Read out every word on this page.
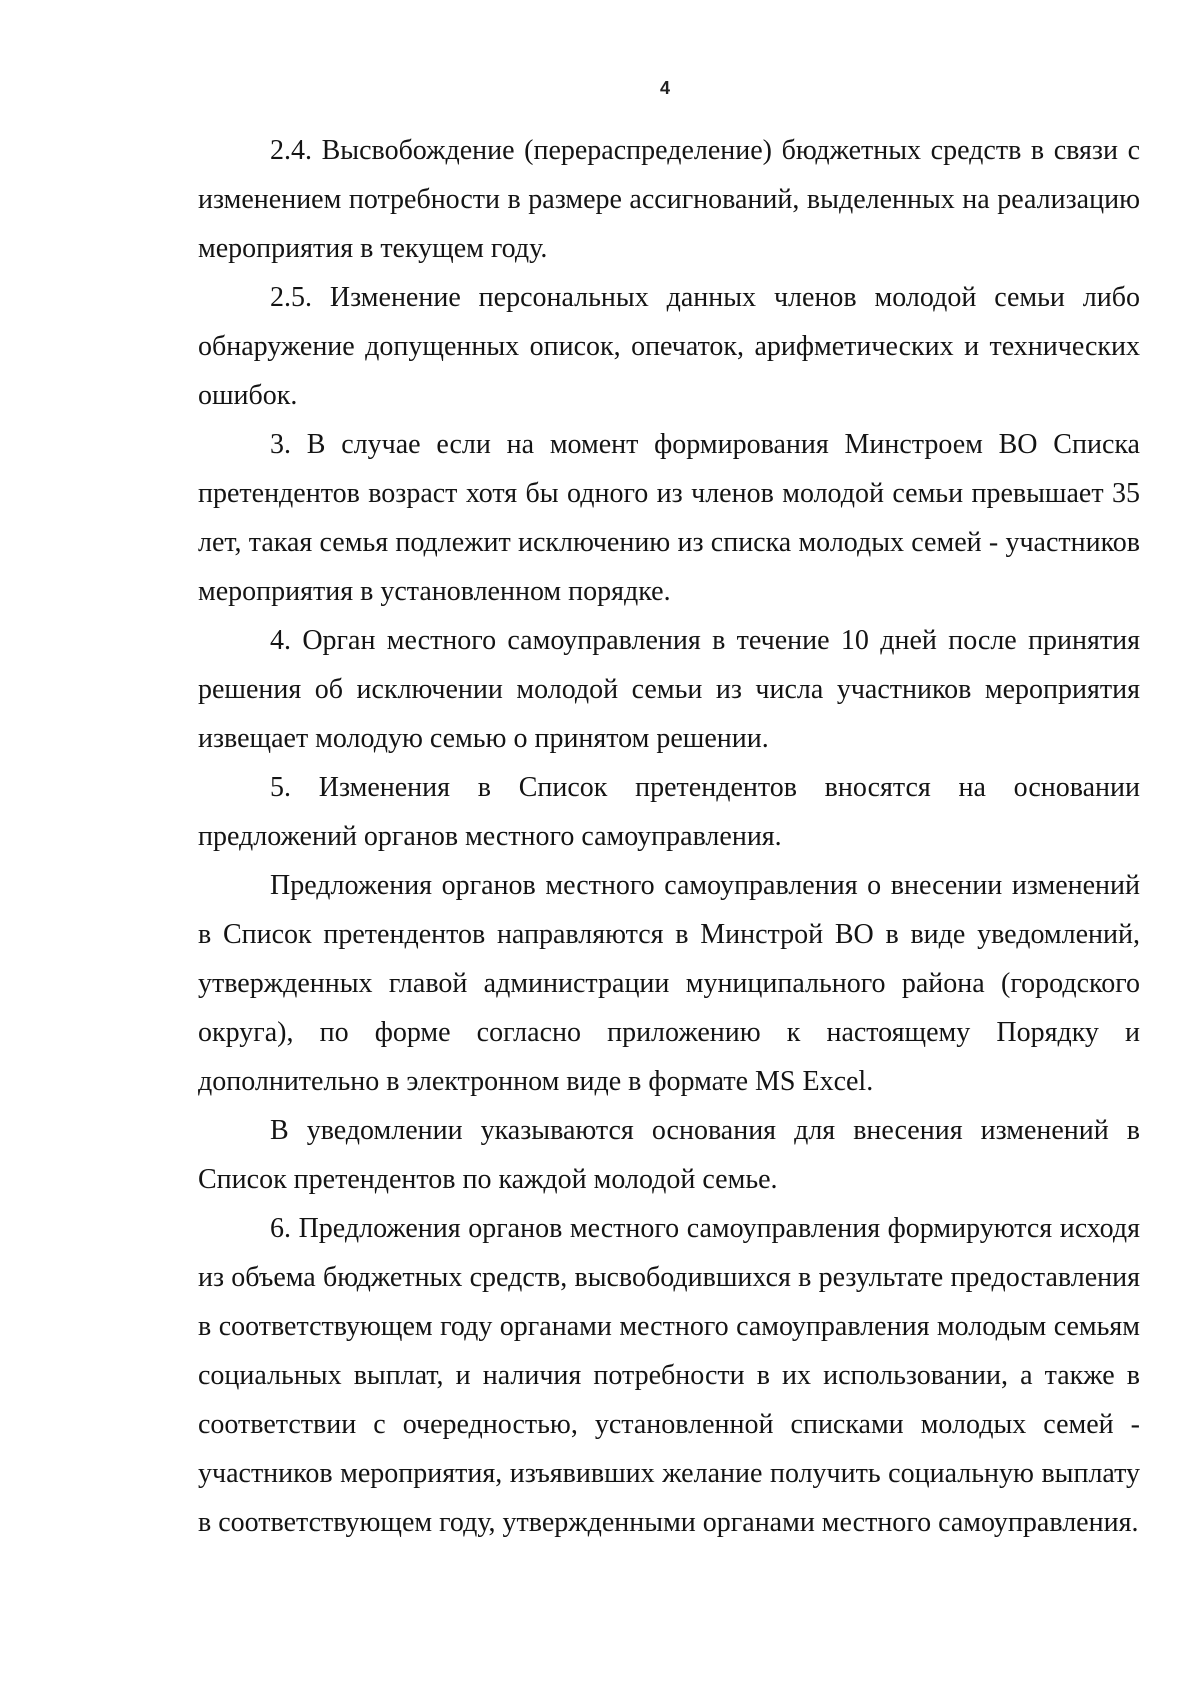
4

2.4. Высвобождение (перераспределение) бюджетных средств в связи с изменением потребности в размере ассигнований, выделенных на реализацию мероприятия в текущем году.

2.5. Изменение персональных данных членов молодой семьи либо обнаружение допущенных описок, опечаток, арифметических и технических ошибок.

3. В случае если на момент формирования Минстроем ВО Списка претендентов возраст хотя бы одного из членов молодой семьи превышает 35 лет, такая семья подлежит исключению из списка молодых семей - участников мероприятия в установленном порядке.

4. Орган местного самоуправления в течение 10 дней после принятия решения об исключении молодой семьи из числа участников мероприятия извещает молодую семью о принятом решении.

5. Изменения в Список претендентов вносятся на основании предложений органов местного самоуправления.

Предложения органов местного самоуправления о внесении изменений в Список претендентов направляются в Минстрой ВО в виде уведомлений, утвержденных главой администрации муниципального района (городского округа), по форме согласно приложению к настоящему Порядку и дополнительно в электронном виде в формате MS Excel.

В уведомлении указываются основания для внесения изменений в Список претендентов по каждой молодой семье.

6. Предложения органов местного самоуправления формируются исходя из объема бюджетных средств, высвободившихся в результате предоставления в соответствующем году органами местного самоуправления молодым семьям социальных выплат, и наличия потребности в их использовании, а также в соответствии с очередностью, установленной списками молодых семей - участников мероприятия, изъявивших желание получить социальную выплату в соответствующем году, утвержденными органами местного самоуправления.
